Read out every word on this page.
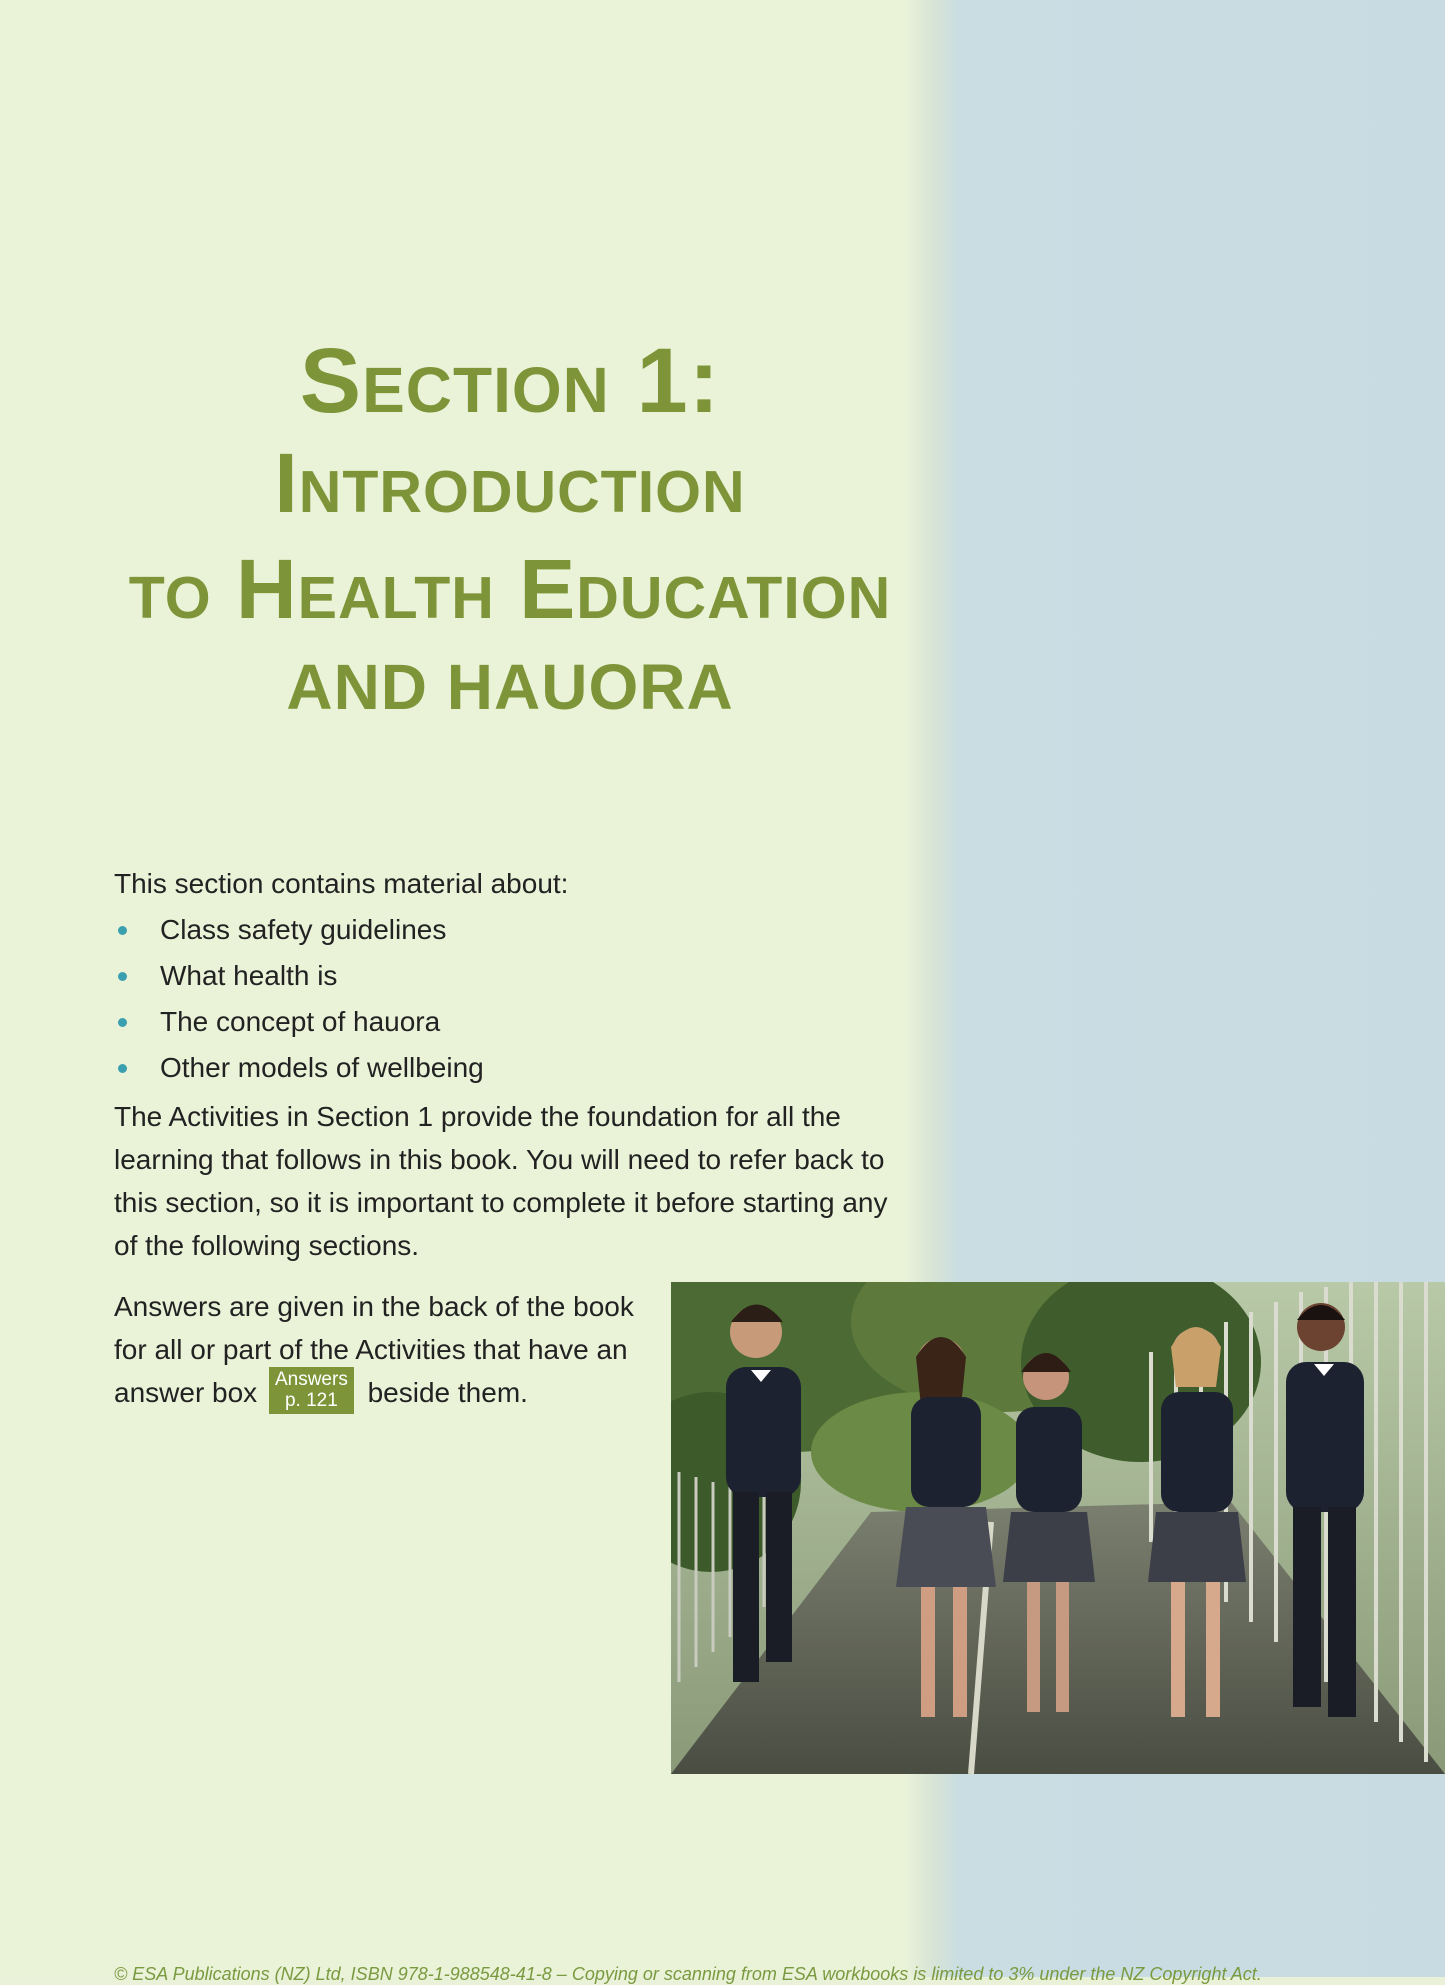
Section 1:
Introduction
to Health Education
AND HAUORA

This section contains material about:

Class safety guidelines
What health is
The concept of hauora
Other models of wellbeing

The Activities in Section 1 provide the foundation for all the learning that follows in this book. You will need to refer back to this section, so it is important to complete it before starting any of the following sections.

Answers are given in the back of the book for all or part of the Activities that have an answer box Answers
p. 121	beside them.
© ESA Publications (NZ) Ltd, ISBN 978-1-988548-41-8 – Copying or scanning from ESA workbooks is limited to 3% under the NZ Copyright Act.
